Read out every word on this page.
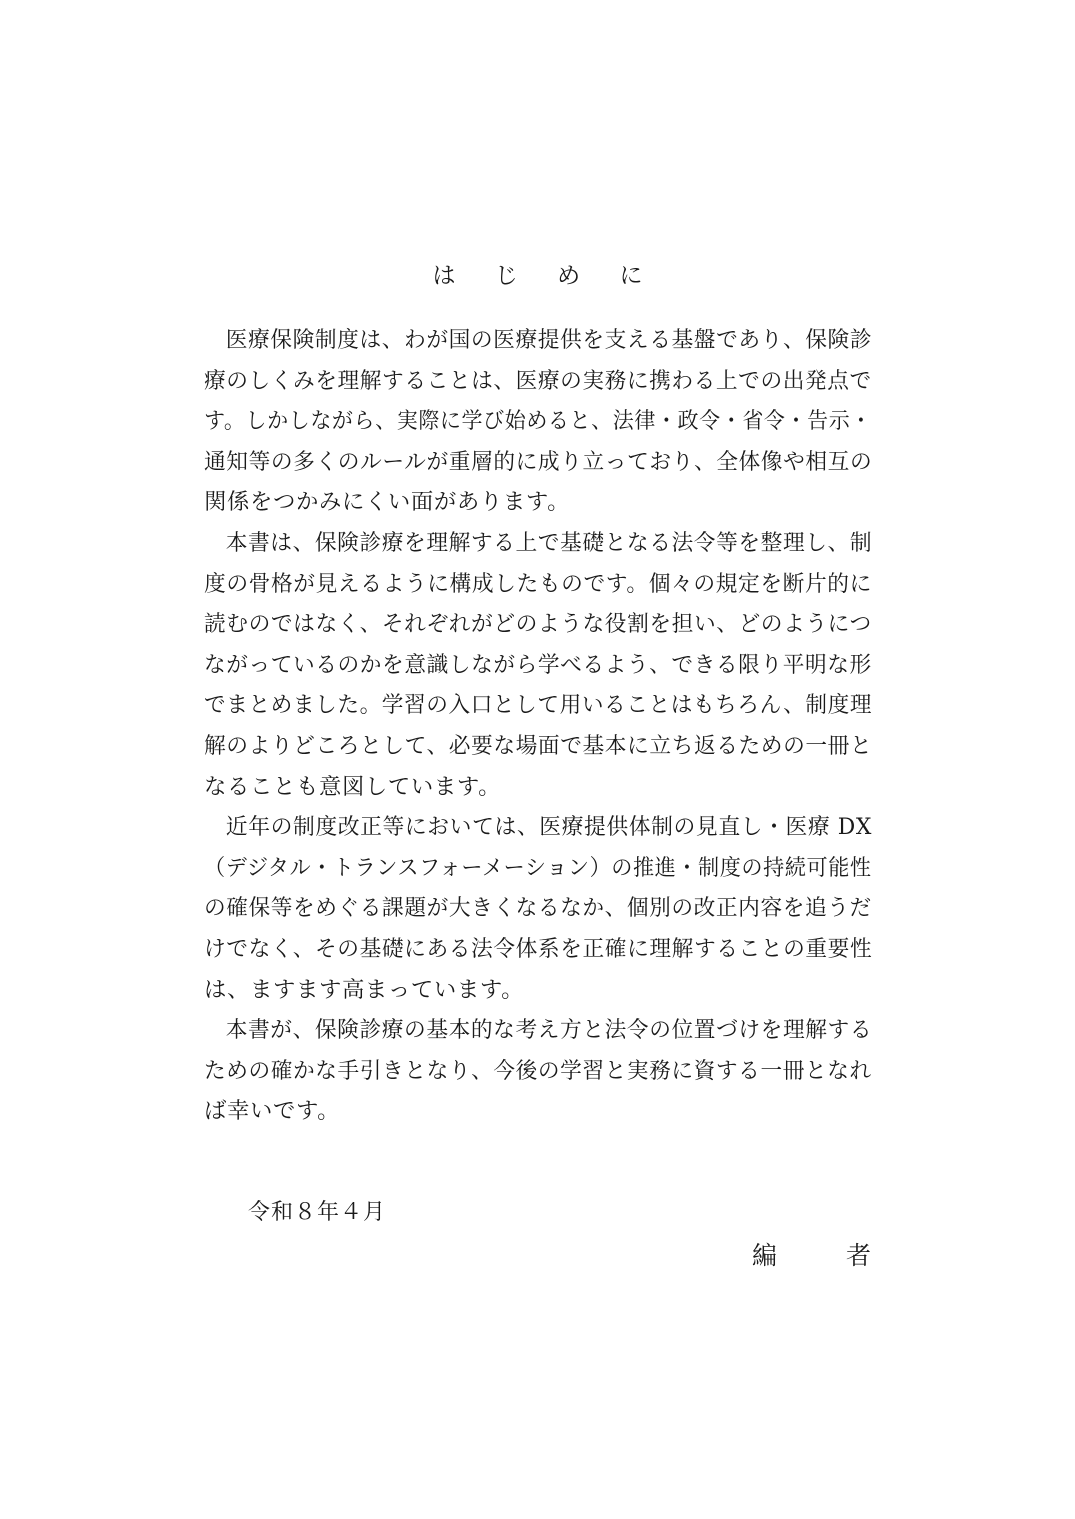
は じ め に

医療保険制度は、わが国の医療提供を支える基盤であり、保険診
療のしくみを理解することは、医療の実務に携わる上での出発点で
す。しかしながら、実際に学び始めると、法律・政令・省令・告示・
通知等の多くのルールが重層的に成り立っており、全体像や相互の
関係をつかみにくい面があります。

本書は、保険診療を理解する上で基礎となる法令等を整理し、制
度の骨格が見えるように構成したものです。個々の規定を断片的に
読むのではなく、それぞれがどのような役割を担い、どのようにつ
ながっているのかを意識しながら学べるよう、できる限り平明な形
でまとめました。学習の入口として用いることはもちろん、制度理
解のよりどころとして、必要な場面で基本に立ち返るための一冊と
なることも意図しています。

近年の制度改正等においては、医療提供体制の見直し・医療 DX
（デジタル・トランスフォーメーション）の推進・制度の持続可能性
の確保等をめぐる課題が大きくなるなか、個別の改正内容を追うだ
けでなく、その基礎にある法令体系を正確に理解することの重要性
は、ますます高まっています。

本書が、保険診療の基本的な考え方と法令の位置づけを理解する
ための確かな手引きとなり、今後の学習と実務に資する一冊となれ
ば幸いです。

令和８年４月
編　者
